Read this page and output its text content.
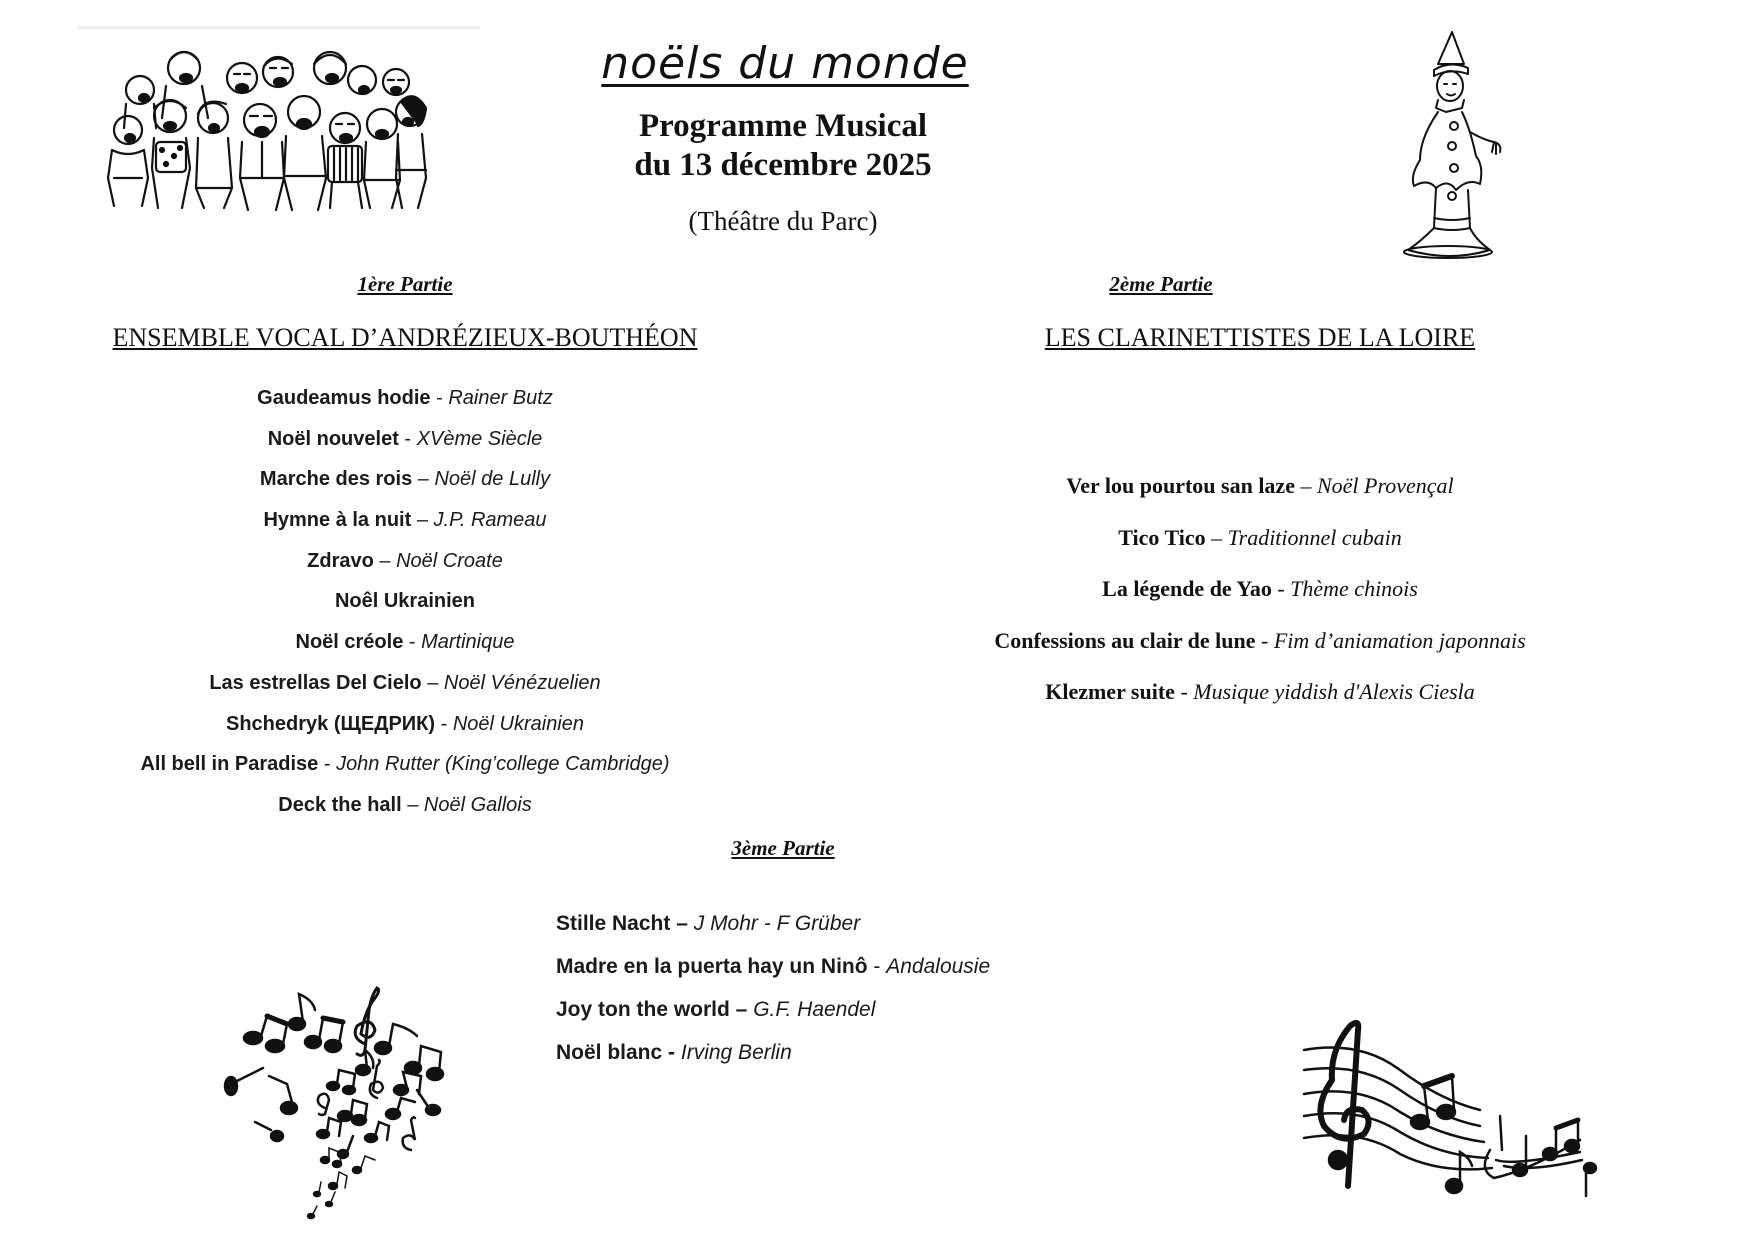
noëls du monde
Programme Musical
du 13 décembre 2025
(Théâtre du Parc)
1ère Partie
ENSEMBLE VOCAL D’ANDRÉZIEUX-BOUTHÉON
Gaudeamus hodie - Rainer Butz
Noël nouvelet - XVème Siècle
Marche des rois – Noël de Lully
Hymne à la nuit – J.P. Rameau
Zdravo – Noël Croate
Noêl Ukrainien
Noël créole - Martinique
Las estrellas Del Cielo – Noël Vénézuelien
Shchedryk (ЩЕДРИК) - Noël Ukrainien
All bell in Paradise - John Rutter (King’college Cambridge)
Deck the hall – Noël Gallois
2ème Partie
LES CLARINETTISTES DE LA LOIRE
Ver lou pourtou san laze – Noël Provençal
Tico Tico – Traditionnel cubain
La légende de Yao - Thème chinois
Confessions au clair de lune - Fim d’aniamation japonnais
Klezmer suite - Musique yiddish d'Alexis Ciesla
3ème Partie
Stille Nacht – J Mohr - F Grüber
Madre en la puerta hay un Ninô - Andalousie
Joy ton the world – G.F. Haendel
Noël blanc - Irving Berlin
